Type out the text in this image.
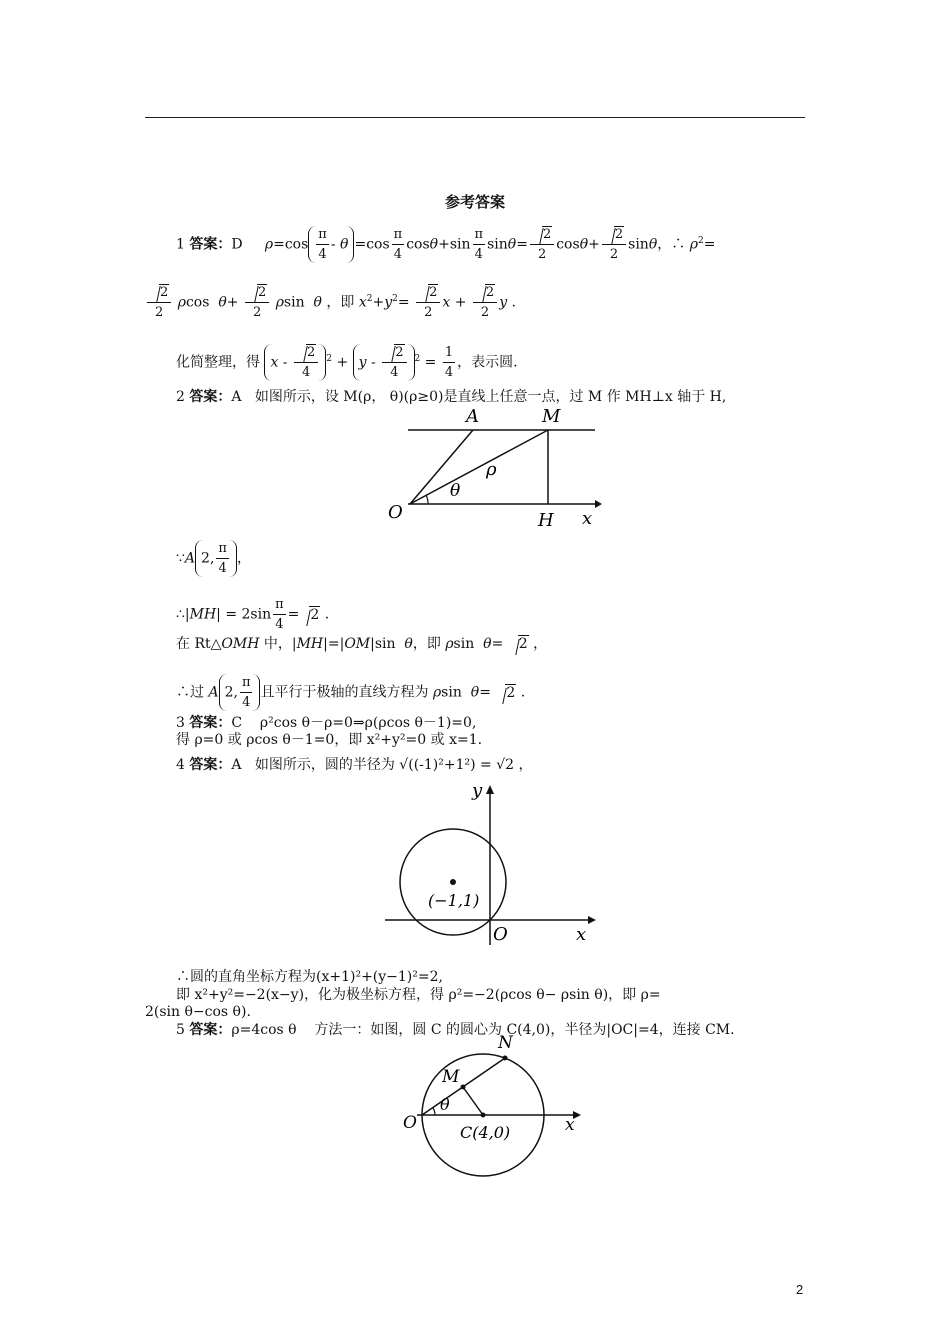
参考答案
1 答案：D $\rho=\cos \frac{\pi}{4} - \theta =\cos \frac{\pi}{4} \cos\theta+\sin \frac{\pi}{4} \sin\theta= \frac{2}{2} \cos\theta+ \frac{2}{2}$ sinθ，∴ $\rho^2=$
$\frac{2}{2}$ ρcos  $\theta+ \frac{2}{2}$ ρsin  θ ，即 $x^2+y^2= \frac{2}{2}$ $x + \frac{2}{2}$ y .
化简整理，得 $x - \frac{2}{4} ^2 + y - \frac{2}{4} ^2 = \frac{1}{4}$ ，表示圆.
2 答案：A 如图所示，设 M(ρ， θ)(ρ≥0)是直线上任意一点，过 M 作 MH⊥x 轴于 H,
A	M
ρ
θ
O	H x
∵A 2, $\frac{\pi}{4}$ ，
∴|MH| = $2\sin \frac{\pi}{4} = 2$ .
在 Rt△OMH 中，|MH|=|OM|sin  θ，即 ρsin  θ= 2 ，
∴过 A 2, $\frac{\pi}{4}$ 且平行于极轴的直线方程为 ρsin  θ= 2 .
3 答案：C ρ²cos θ－ρ=0⇒ρ(ρcos θ－1)=0,
得 ρ=0 或 ρcos θ－1=0，即 x²+y²=0 或 x=1.
4 答案：A 如图所示，圆的半径为 √((-1)²+1²) = √2 ，
y
(−1,1)
O	x
∴圆的直角坐标方程为(x+1)²+(y−1)²=2,
即 x²+y²=−2(x−y)，化为极坐标方程，得 ρ²=−2(ρcos θ− ρsin θ)，即 ρ=
2(sin θ−cos θ).
5 答案：ρ=4cos θ 方法一：如图，圆 C 的圆心为 C(4,0)，半径为|OC|=4，连接 CM.
N
M
θ
O	C(4,0)	x
2
